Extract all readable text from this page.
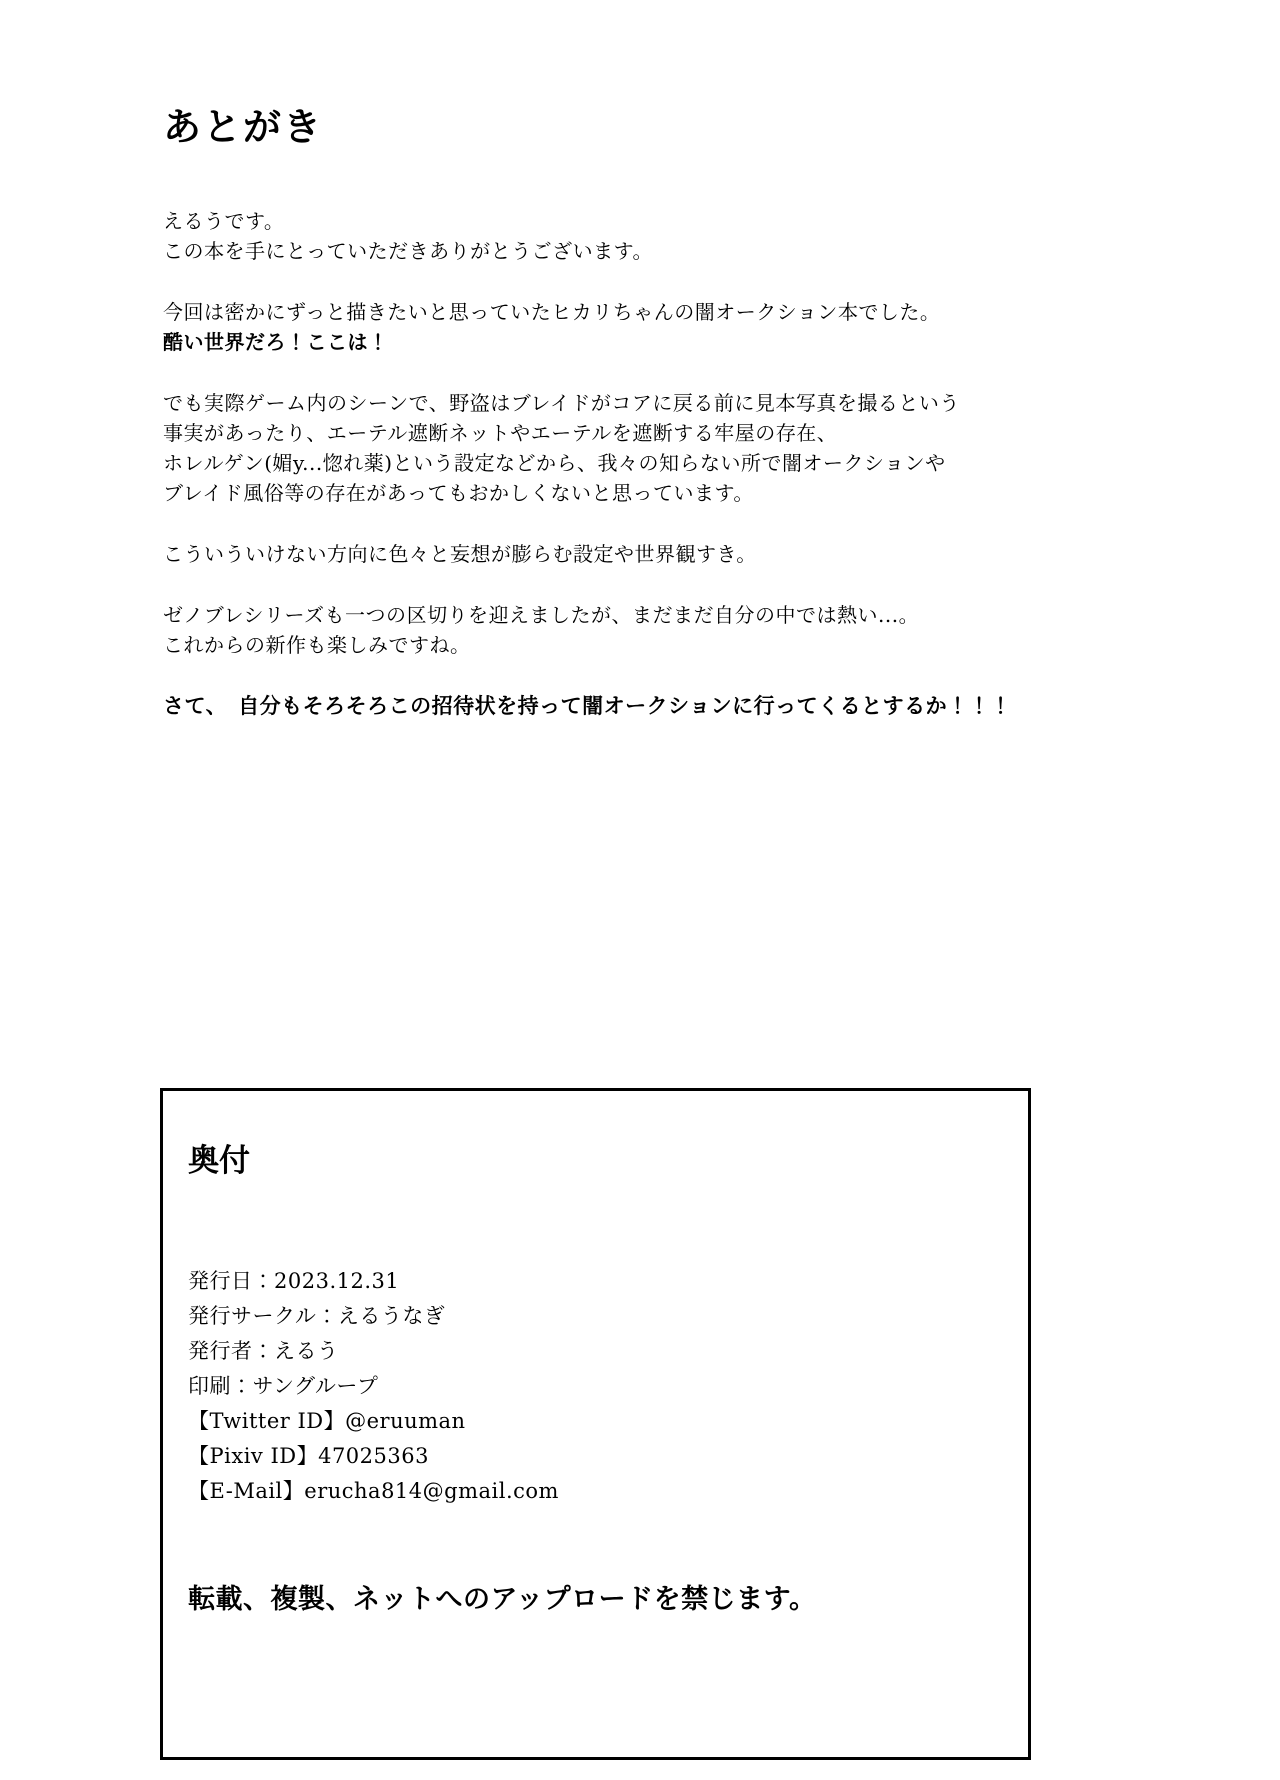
あとがき

えるうです。
この本を手にとっていただきありがとうございます。

今回は密かにずっと描きたいと思っていたヒカリちゃんの闇オークション本でした。
酷い世界だろ！ここは！

でも実際ゲーム内のシーンで、野盗はブレイドがコアに戻る前に見本写真を撮るという
事実があったり、エーテル遮断ネットやエーテルを遮断する牢屋の存在、
ホレルゲン(媚y...惚れ薬)という設定などから、我々の知らない所で闇オークションや
ブレイド風俗等の存在があってもおかしくないと思っています。

こういういけない方向に色々と妄想が膨らむ設定や世界観すき。

ゼノブレシリーズも一つの区切りを迎えましたが、まだまだ自分の中では熱い...。
これからの新作も楽しみですね。

さて、　自分もそろそろこの招待状を持って闇オークションに行ってくるとするか！！！

奥付
発行日：2023.12.31
発行サークル：えるうなぎ
発行者：えるう
印刷：サングループ
【Twitter ID】@eruuman
【Pixiv ID】47025363
【E-Mail】erucha814@gmail.com
転載、複製、ネットへのアップロードを禁じます。
